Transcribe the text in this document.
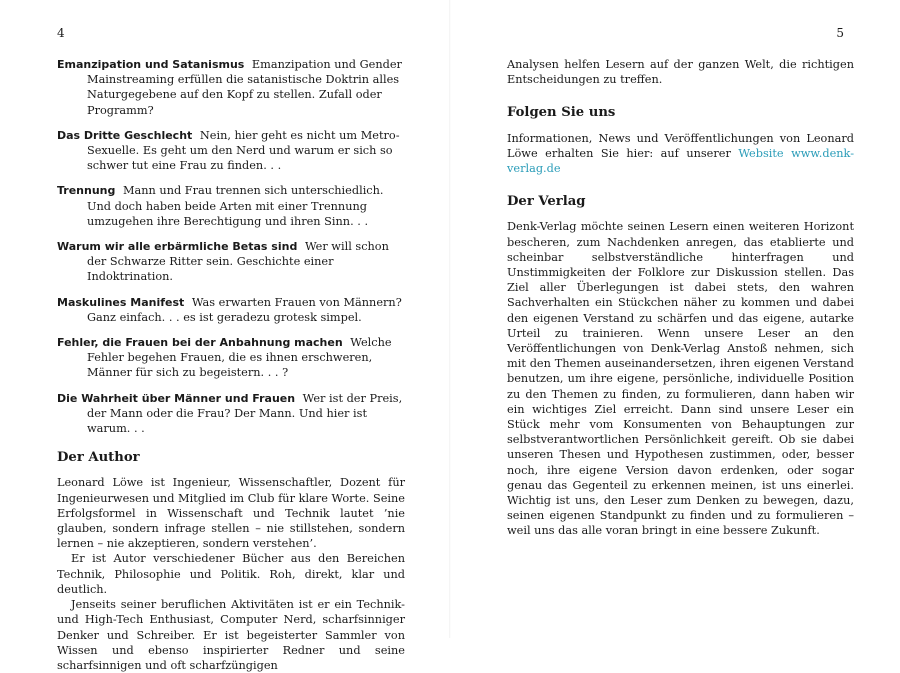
4
Emanzipation und Satanismus Emanzipation und Gender Mainstreaming erfüllen die satanistische Doktrin alles Naturgegebene auf den Kopf zu stellen. Zufall oder Programm?
Das Dritte Geschlecht Nein, hier geht es nicht um Metro-Sexuelle. Es geht um den Nerd und warum er sich so schwer tut eine Frau zu finden. . .
Trennung Mann und Frau trennen sich unterschiedlich. Und doch haben beide Arten mit einer Trennung umzugehen ihre Berechtigung und ihren Sinn. . .
Warum wir alle erbärmliche Betas sind Wer will schon der Schwarze Ritter sein. Geschichte einer Indoktrination.
Maskulines Manifest Was erwarten Frauen von Männern? Ganz einfach. . . es ist geradezu grotesk simpel.
Fehler, die Frauen bei der Anbahnung machen Welche Fehler begehen Frauen, die es ihnen erschweren, Männer für sich zu begeistern. . . ?
Die Wahrheit über Männer und Frauen Wer ist der Preis, der Mann oder die Frau? Der Mann. Und hier ist warum. . .
Der Author

Leonard Löwe ist Ingenieur, Wissenschaftler, Dozent für Ingenieurwesen und Mitglied im Club für klare Worte. Seine Erfolgsformel in Wissenschaft und Technik lautet ’nie glauben, sondern infrage stellen – nie stillstehen, sondern lernen – nie akzeptieren, sondern verstehen’.

Er ist Autor verschiedener Bücher aus den Bereichen Technik, Philosophie und Politik. Roh, direkt, klar und deutlich.

Jenseits seiner beruflichen Aktivitäten ist er ein Technik- und High-Tech Enthusiast, Computer Nerd, scharfsinniger Denker und Schreiber. Er ist begeisterter Sammler von Wissen und ebenso inspirierter Redner und seine scharfsinnigen und oft scharfzüngigen

5

Analysen helfen Lesern auf der ganzen Welt, die richtigen Entscheidungen zu treffen.

Folgen Sie uns

Informationen, News und Veröffentlichungen von Leonard Löwe erhalten Sie hier: auf unserer Website www.denk-verlag.de

Der Verlag

Denk-Verlag möchte seinen Lesern einen weiteren Horizont bescheren, zum Nachdenken anregen, das etablierte und scheinbar selbstverständliche hinterfragen und Unstimmigkeiten der Folklore zur Diskussion stellen. Das Ziel aller Überlegungen ist dabei stets, den wahren Sachverhalten ein Stückchen näher zu kommen und dabei den eigenen Verstand zu schärfen und das eigene, autarke Urteil zu trainieren. Wenn unsere Leser an den Veröffentlichungen von Denk-Verlag Anstoß nehmen, sich mit den Themen auseinandersetzen, ihren eigenen Verstand benutzen, um ihre eigene, persönliche, individuelle Position zu den Themen zu finden, zu formulieren, dann haben wir ein wichtiges Ziel erreicht. Dann sind unsere Leser ein Stück mehr vom Konsumenten von Behauptungen zur selbstverantwortlichen Persönlichkeit gereift. Ob sie dabei unseren Thesen und Hypothesen zustimmen, oder, besser noch, ihre eigene Version davon erdenken, oder sogar genau das Gegenteil zu erkennen meinen, ist uns einerlei. Wichtig ist uns, den Leser zum Denken zu bewegen, dazu, seinen eigenen Standpunkt zu finden und zu formulieren – weil uns das alle voran bringt in eine bessere Zukunft.
